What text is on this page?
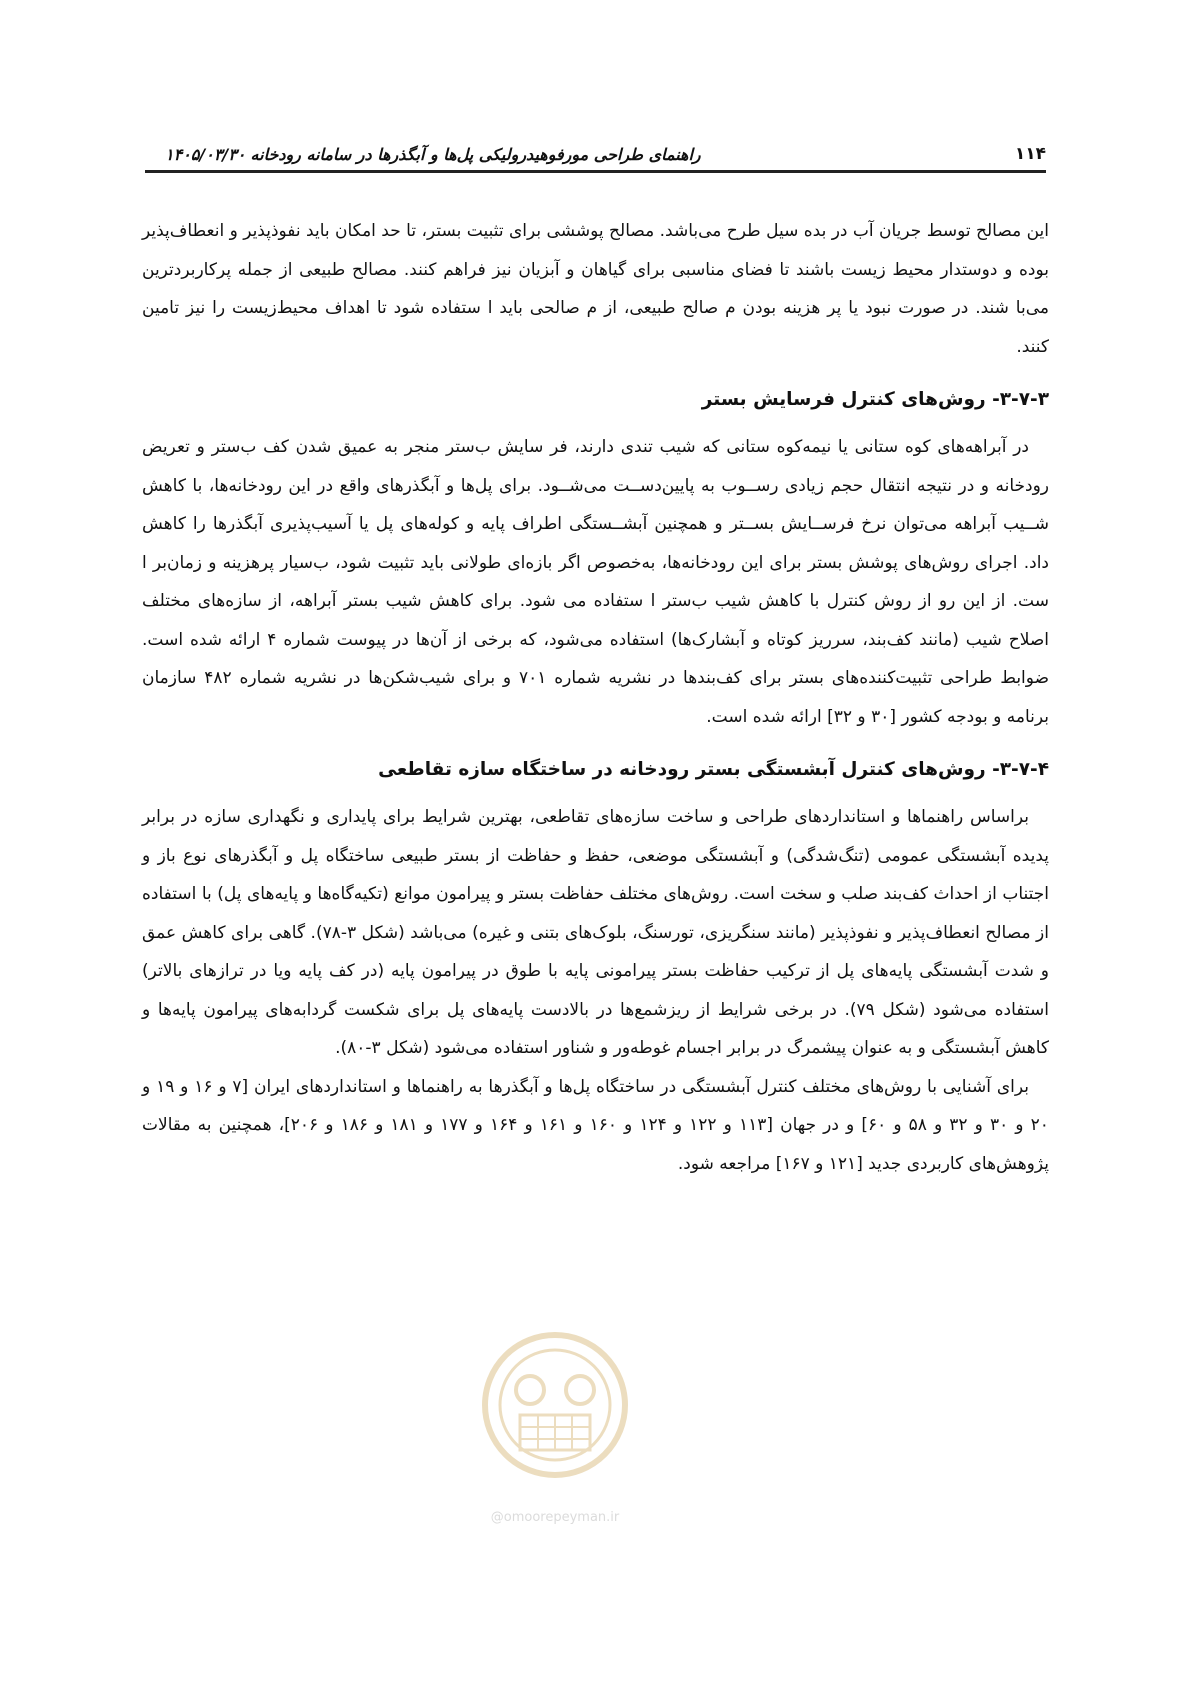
۱۱۴
راهنمای طراحی مورفوهیدرولیکی پل‌ها و آبگذرها در سامانه رودخانه ۱۴۰۵/۰۳/۳۰

این مصالح توسط جریان آب در بده سیل طرح می‌باشد. مصالح پوششی برای تثبیت بستر، تا حد امکان باید نفوذپذیر و انعطاف‌پذیر بوده و دوستدار محیط زیست باشند تا فضای مناسبی برای گیاهان و آبزیان نیز فراهم کنند. مصالح طبیعی از جمله پرکاربردترین می‌با شند. در صورت نبود یا پر هزینه بودن م صالح طبیعی، از م صالحی باید ا ستفاده شود تا اهداف محیط‌زیست را نیز تامین کنند.

۳-۷-۳- روش‌های کنترل فرسایش بستر

در آبراهه‌های کوه ستانی یا نیمه‌کوه ستانی که شیب تندی دارند، فر سایش ب‌ستر منجر به عمیق شدن کف ب‌ستر و تعریض رودخانه و در نتیجه انتقال حجم زیادی رســوب به پایین‌دســت می‌شــود. برای پل‌ها و آبگذرهای واقع در این رودخانه‌ها، با کاهش شــیب آبراهه می‌توان نرخ فرســایش بســتر و همچنین آبشــستگی اطراف پایه و کوله‌های پل یا آسیب‌پذیری آبگذرها را کاهش داد. اجرای روش‌های پوشش بستر برای این رودخانه‌ها، به‌خصوص اگر بازه‌ای طولانی باید تثبیت شود، ب‌سیار پرهزینه و زمان‌بر ا ست. از این رو از روش کنترل با کاهش شیب ب‌ستر ا ستفاده می شود. برای کاهش شیب بستر آبراهه، از سازه‌های مختلف اصلاح شیب (مانند کف‌بند، سرریز کوتاه و آبشارک‌ها) استفاده می‌شود، که برخی از آن‌ها در پیوست شماره ۴ ارائه شده است. ضوابط طراحی تثبیت‌کننده‌های بستر برای کف‌بندها در نشریه شماره ۷۰۱ و برای شیب‌شکن‌ها در نشریه شماره ۴۸۲ سازمان برنامه و بودجه کشور [۳۰ و ۳۲] ارائه شده است.

۳-۷-۴- روش‌های کنترل آبشستگی بستر رودخانه در ساختگاه سازه تقاطعی

براساس راهنماها و استانداردهای طراحی و ساخت سازه‌های تقاطعی، بهترین شرایط برای پایداری و نگهداری سازه در برابر پدیده آبشستگی عمومی (تنگ‌شدگی) و آبشستگی موضعی، حفظ و حفاظت از بستر طبیعی ساختگاه پل و آبگذرهای نوع باز و اجتناب از احداث کف‌بند صلب و سخت است. روش‌های مختلف حفاظت بستر و پیرامون موانع (تکیه‌گاه‌ها و پایه‌های پل) با استفاده از مصالح انعطاف‌پذیر و نفوذپذیر (مانند سنگریزی، تورسنگ، بلوک‌های بتنی و غیره) می‌باشد (شکل ۳-۷۸). گاهی برای کاهش عمق و شدت آبشستگی پایه‌های پل از ترکیب حفاظت بستر پیرامونی پایه با طوق در پیرامون پایه (در کف پایه ویا در ترازهای بالاتر) استفاده می‌شود (شکل ۷۹). در برخی شرایط از ریزشمع‌ها در بالادست پایه‌های پل برای شکست گردابه‌های پیرامون پایه‌ها و کاهش آبشستگی و به عنوان پیشمرگ در برابر اجسام غوطه‌ور و شناور استفاده می‌شود (شکل ۳-۸۰).

برای آشنایی با روش‌های مختلف کنترل آبشستگی در ساختگاه پل‌ها و آبگذرها به راهنماها و استانداردهای ایران [۷ و ۱۶ و ۱۹ و ۲۰ و ۳۰ و ۳۲ و ۵۸ و ۶۰] و در جهان [۱۱۳ و ۱۲۲ و ۱۲۴ و ۱۶۰ و ۱۶۱ و ۱۶۴ و ۱۷۷ و ۱۸۱ و ۱۸۶ و ۲۰۶]، همچنین به مقالات پژوهش‌های کاربردی جدید [۱۲۱ و ۱۶۷] مراجعه شود.

@omoorepeyman.ir
